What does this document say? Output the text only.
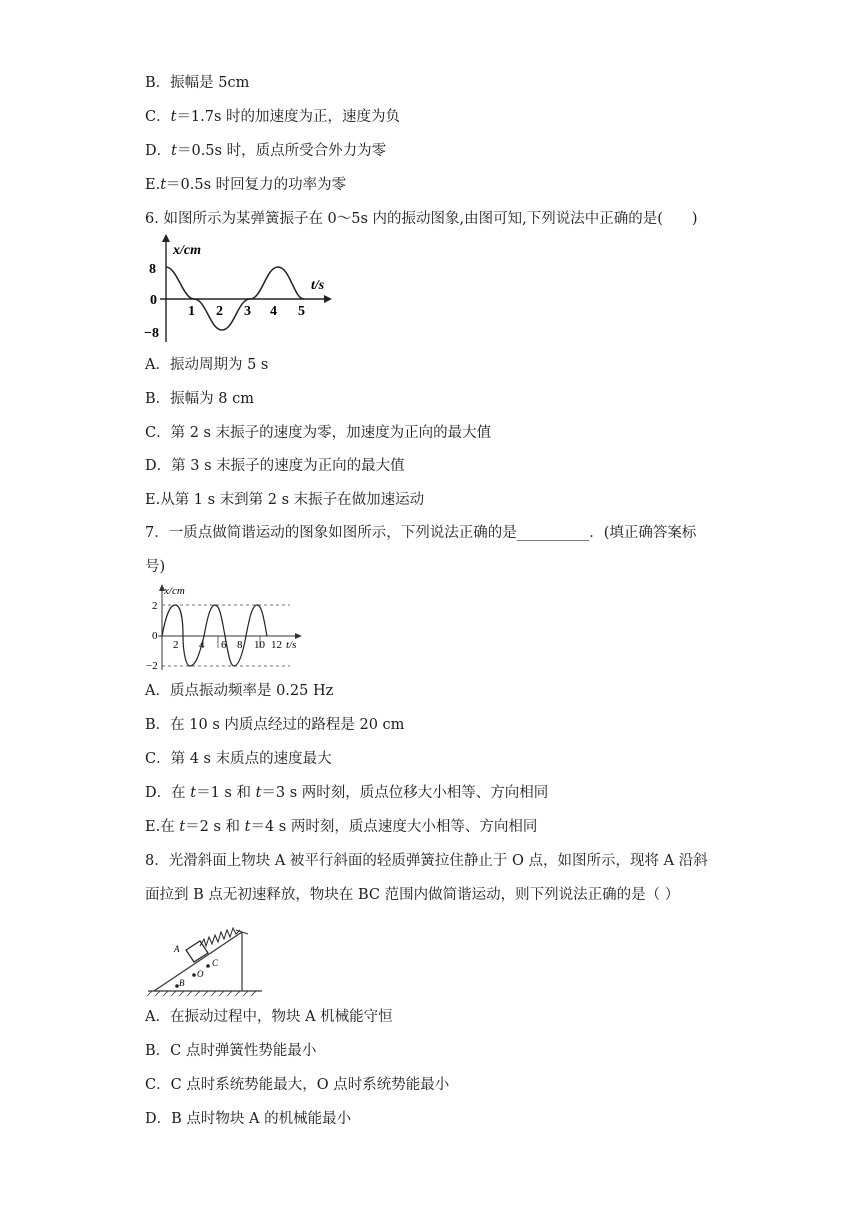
B．振幅是 5cm
C．t＝1.7s 时的加速度为正，速度为负
D．t＝0.5s 时，质点所受合外力为零
E.t＝0.5s 时回复力的功率为零
6. 如图所示为某弹簧振子在 0～5s 内的振动图象,由图可知,下列说法中正确的是(　　)
x/cm
t/s
8
0
−8
1 2 3 4 5
A．振动周期为 5 s
B．振幅为 8 cm
C．第 2 s 末振子的速度为零，加速度为正向的最大值
D．第 3 s 末振子的速度为正向的最大值
E.从第 1 s 末到第 2 s 末振子在做加速运动
7．一质点做简谐运动的图象如图所示，下列说法正确的是__________．(填正确答案标
号)
x/cm
t/s
2
0
−2
2 4 6 8 10 12
A．质点振动频率是 0.25 Hz
B．在 10 s 内质点经过的路程是 20 cm
C．第 4 s 末质点的速度最大
D．在 t＝1 s 和 t＝3 s 两时刻，质点位移大小相等、方向相同
E.在 t＝2 s 和 t＝4 s 两时刻，质点速度大小相等、方向相同
8．光滑斜面上物块 A 被平行斜面的轻质弹簧拉住静止于 O 点，如图所示，现将 A 沿斜
面拉到 B 点无初速释放，物块在 BC 范围内做简谐运动，则下列说法正确的是（ ）
A
C
O
B
A．在振动过程中，物块 A 机械能守恒
B．C 点时弹簧性势能最小
C．C 点时系统势能最大，O 点时系统势能最小
D．B 点时物块 A 的机械能最小
